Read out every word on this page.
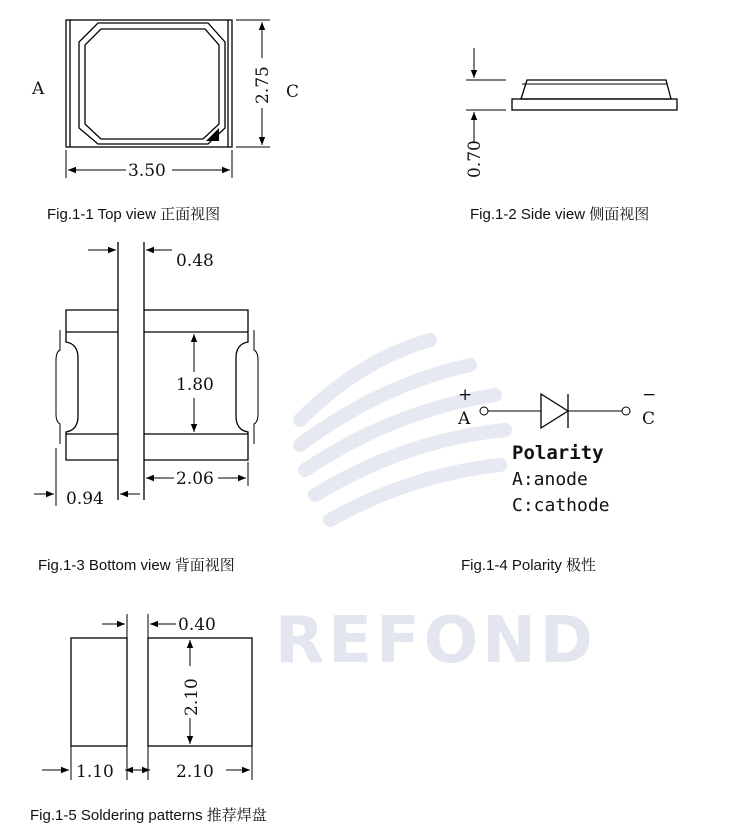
REFOND
A	C
3.50
2.75
Fig.1-1 Top view 正面视图
0.70
Fig.1-2 Side view 侧面视图
0.48
1.80
2.06
0.94
Fig.1-3 Bottom view 背面视图
+	−
A	C
Polarity
A:anode
C:cathode
Fig.1-4 Polarity 极性
0.40
2.10
1.10	2.10
Fig.1-5 Soldering patterns 推荐焊盘
